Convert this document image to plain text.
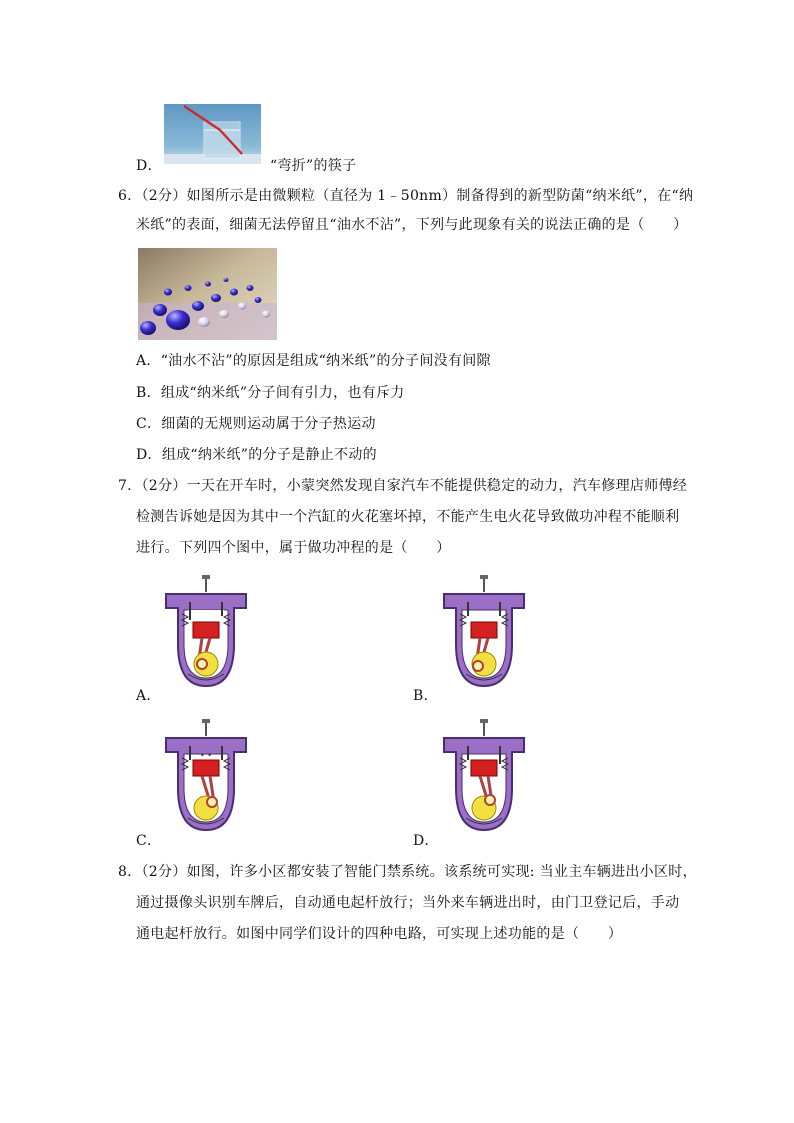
D．	“弯折”的筷子
6．（2分）如图所示是由微颗粒（直径为 1﹣50nm）制备得到的新型防菌“纳米纸”，在“纳
米纸”的表面，细菌无法停留且“油水不沾”，下列与此现象有关的说法正确的是（　　）
A．“油水不沾”的原因是组成“纳米纸”的分子间没有间隙
B．组成“纳米纸”分子间有引力，也有斥力
C．细菌的无规则运动属于分子热运动
D．组成“纳米纸”的分子是静止不动的
7．（2分）一天在开车时，小蒙突然发现自家汽车不能提供稳定的动力，汽车修理店师傅经
检测告诉她是因为其中一个汽缸的火花塞坏掉，不能产生电火花导致做功冲程不能顺利
进行。下列四个图中，属于做功冲程的是（　　）
A．	B．
• •
C．	D．
8．（2分）如图，许多小区都安装了智能门禁系统。该系统可实现: 当业主车辆进出小区时，
通过摄像头识别车牌后，自动通电起杆放行；当外来车辆进出时，由门卫登记后，手动
通电起杆放行。如图中同学们设计的四种电路，可实现上述功能的是（　　）
